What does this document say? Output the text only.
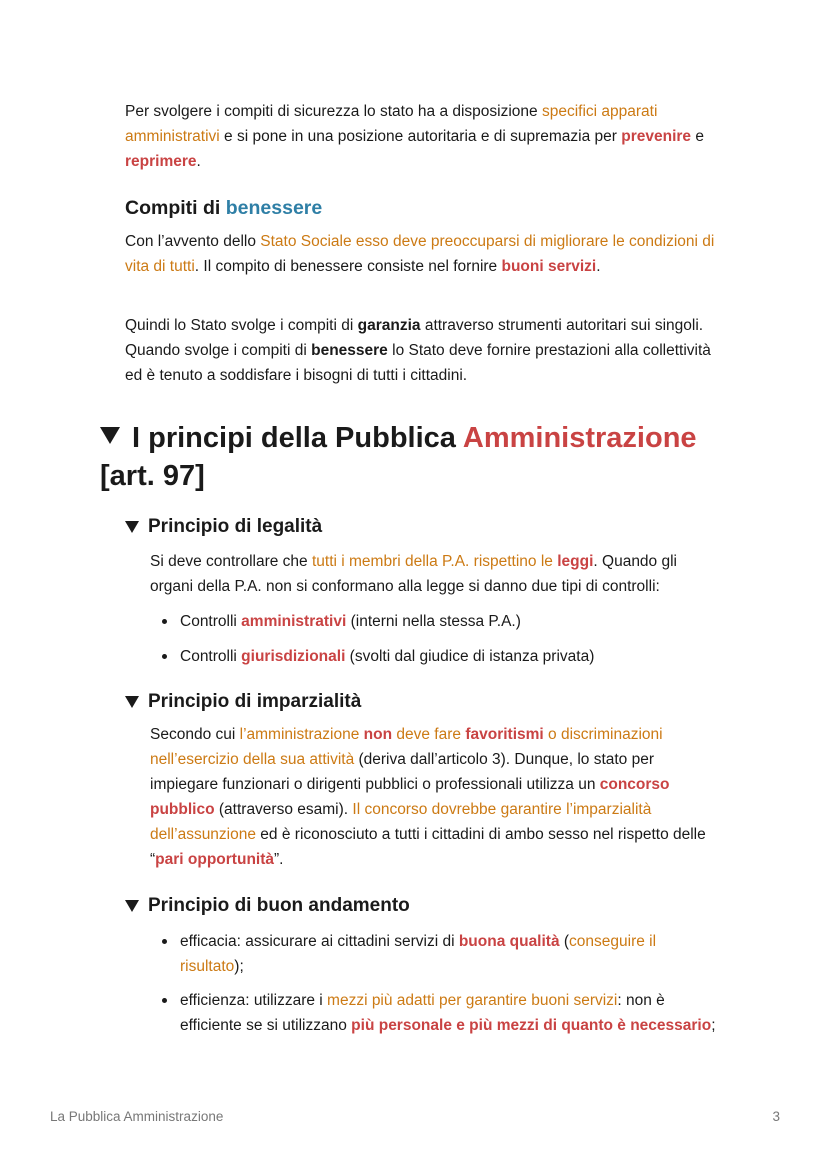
Per svolgere i compiti di sicurezza lo stato ha a disposizione specifici apparati amministrativi e si pone in una posizione autoritaria e di supremazia per prevenire e reprimere.

Compiti di benessere

Con l’avvento dello Stato Sociale esso deve preoccuparsi di migliorare le condizioni di vita di tutti. Il compito di benessere consiste nel fornire buoni servizi.

Quindi lo Stato svolge i compiti di garanzia attraverso strumenti autoritari sui singoli. Quando svolge i compiti di benessere lo Stato deve fornire prestazioni alla collettività ed è tenuto a soddisfare i bisogni di tutti i cittadini.

I principi della Pubblica Amministrazione [art. 97]
Principio di legalità

Si deve controllare che tutti i membri della P.A. rispettino le leggi. Quando gli organi della P.A. non si conformano alla legge si danno due tipi di controlli:

Controlli amministrativi (interni nella stessa P.A.)
Controlli giurisdizionali (svolti dal giudice di istanza privata)
Principio di imparzialità

Secondo cui l’amministrazione non deve fare favoritismi o discriminazioni nell’esercizio della sua attività (deriva dall’articolo 3). Dunque, lo stato per impiegare funzionari o dirigenti pubblici o professionali utilizza un concorso pubblico (attraverso esami). Il concorso dovrebbe garantire l’imparzialità dell’assunzione ed è riconosciuto a tutti i cittadini di ambo sesso nel rispetto delle “pari opportunità”.

Principio di buon andamento
efficacia: assicurare ai cittadini servizi di buona qualità (conseguire il risultato);
efficienza: utilizzare i mezzi più adatti per garantire buoni servizi: non è efficiente se si utilizzano più personale e più mezzi di quanto è necessario;
La Pubblica Amministrazione	3
